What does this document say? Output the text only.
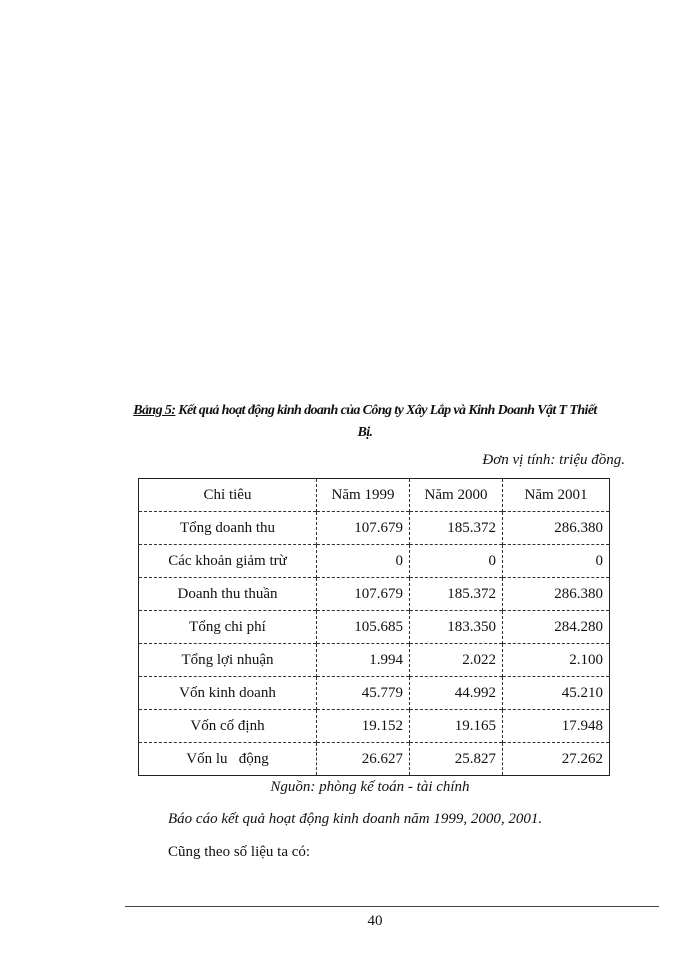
Bảng 5: Kết quả hoạt động kinh doanh của Công ty Xây Lắp và Kinh Doanh Vật T Thiết Bị.
Đơn vị tính: triệu đồng.
Chỉ tiêu	Năm 1999	Năm 2000	Năm 2001
Tổng doanh thu	107.679	185.372	286.380
Các khoản giảm trừ	0	0	0
Doanh thu thuần	107.679	185.372	286.380
Tổng chi phí	105.685	183.350	284.280
Tổng lợi nhuận	1.994	2.022	2.100
Vốn kinh doanh	45.779	44.992	45.210
Vốn cố định	19.152	19.165	17.948
Vốn lu   động	26.627	25.827	27.262
Nguồn: phòng kế toán - tài chính
Báo cáo kết quả hoạt động kinh doanh năm 1999, 2000, 2001.
Cũng theo số liệu ta có:
40
